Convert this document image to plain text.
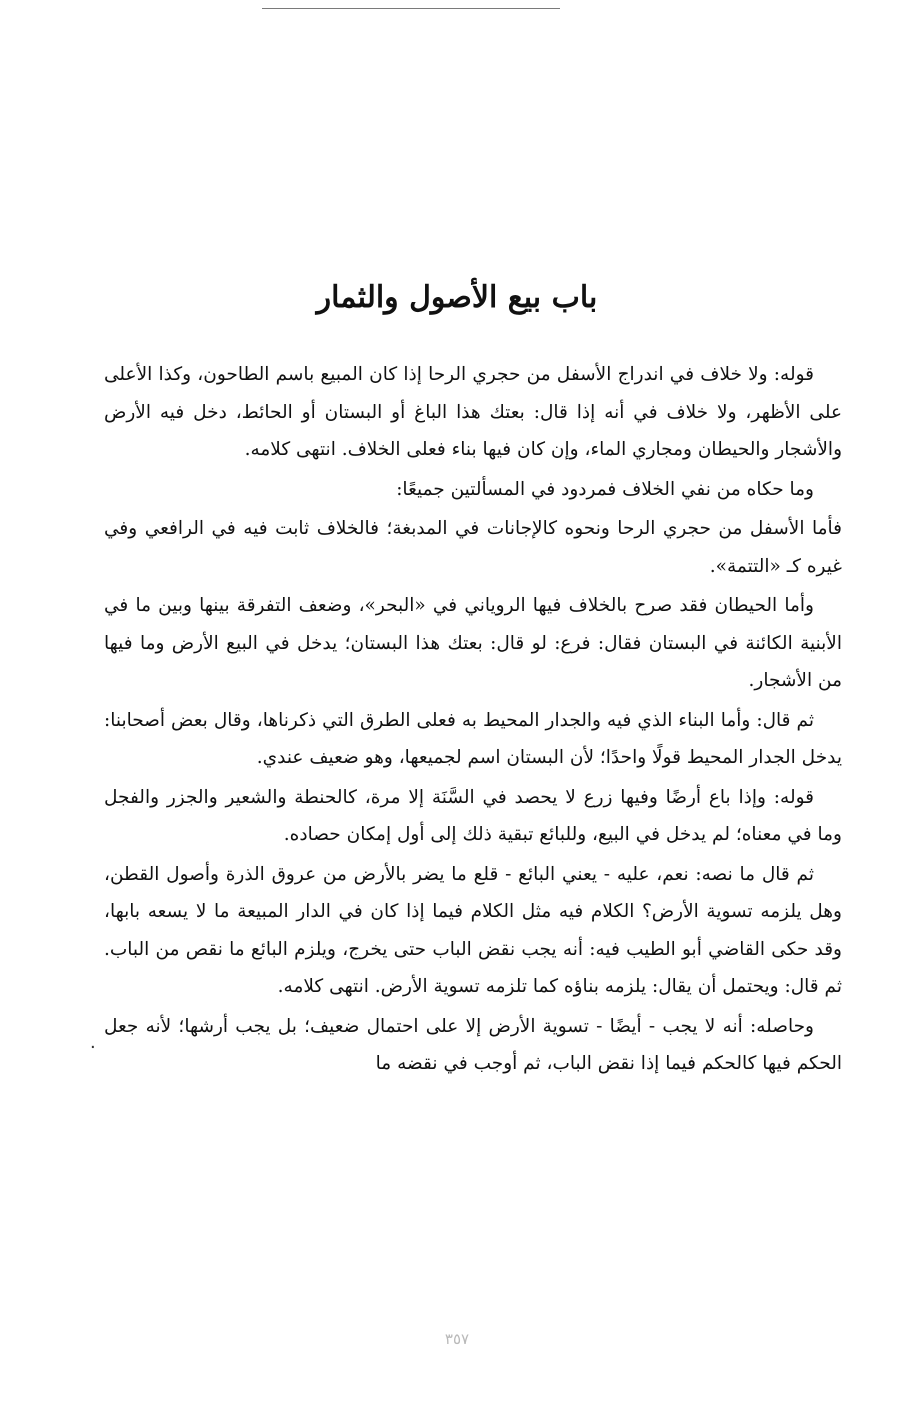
باب بيع الأصول والثمار

قوله: ولا خلاف في اندراج الأسفل من حجري الرحا إذا كان المبيع باسم الطاحون، وكذا الأعلى على الأظهر، ولا خلاف في أنه إذا قال: بعتك هذا الباغ أو البستان أو الحائط، دخل فيه الأرض والأشجار والحيطان ومجاري الماء، وإن كان فيها بناء فعلى الخلاف. انتهى كلامه.

وما حكاه من نفي الخلاف فمردود في المسألتين جميعًا:

فأما الأسفل من حجري الرحا ونحوه كالإجانات في المدبغة؛ فالخلاف ثابت فيه في الرافعي وفي غيره كـ «التتمة».

وأما الحيطان فقد صرح بالخلاف فيها الروياني في «البحر»، وضعف التفرقة بينها وبين ما في الأبنية الكائنة في البستان فقال: فرع: لو قال: بعتك هذا البستان؛ يدخل في البيع الأرض وما فيها من الأشجار.

ثم قال: وأما البناء الذي فيه والجدار المحيط به فعلى الطرق التي ذكرناها، وقال بعض أصحابنا: يدخل الجدار المحيط قولًا واحدًا؛ لأن البستان اسم لجميعها، وهو ضعيف عندي.

قوله: وإذا باع أرضًا وفيها زرع لا يحصد في السَّنَة إلا مرة، كالحنطة والشعير والجزر والفجل وما في معناه؛ لم يدخل في البيع، وللبائع تبقية ذلك إلى أول إمكان حصاده.

ثم قال ما نصه: نعم، عليه - يعني البائع - قلع ما يضر بالأرض من عروق الذرة وأصول القطن، وهل يلزمه تسوية الأرض؟ الكلام فيه مثل الكلام فيما إذا كان في الدار المبيعة ما لا يسعه بابها، وقد حكى القاضي أبو الطيب فيه: أنه يجب نقض الباب حتى يخرج، ويلزم البائع ما نقص من الباب. ثم قال: ويحتمل أن يقال: يلزمه بناؤه كما تلزمه تسوية الأرض. انتهى كلامه.

وحاصله: أنه لا يجب - أيضًا - تسوية الأرض إلا على احتمال ضعيف؛ بل يجب أرشها؛ لأنه جعل الحكم فيها كالحكم فيما إذا نقض الباب، ثم أوجب في نقضه ما

٠
٣٥٧
